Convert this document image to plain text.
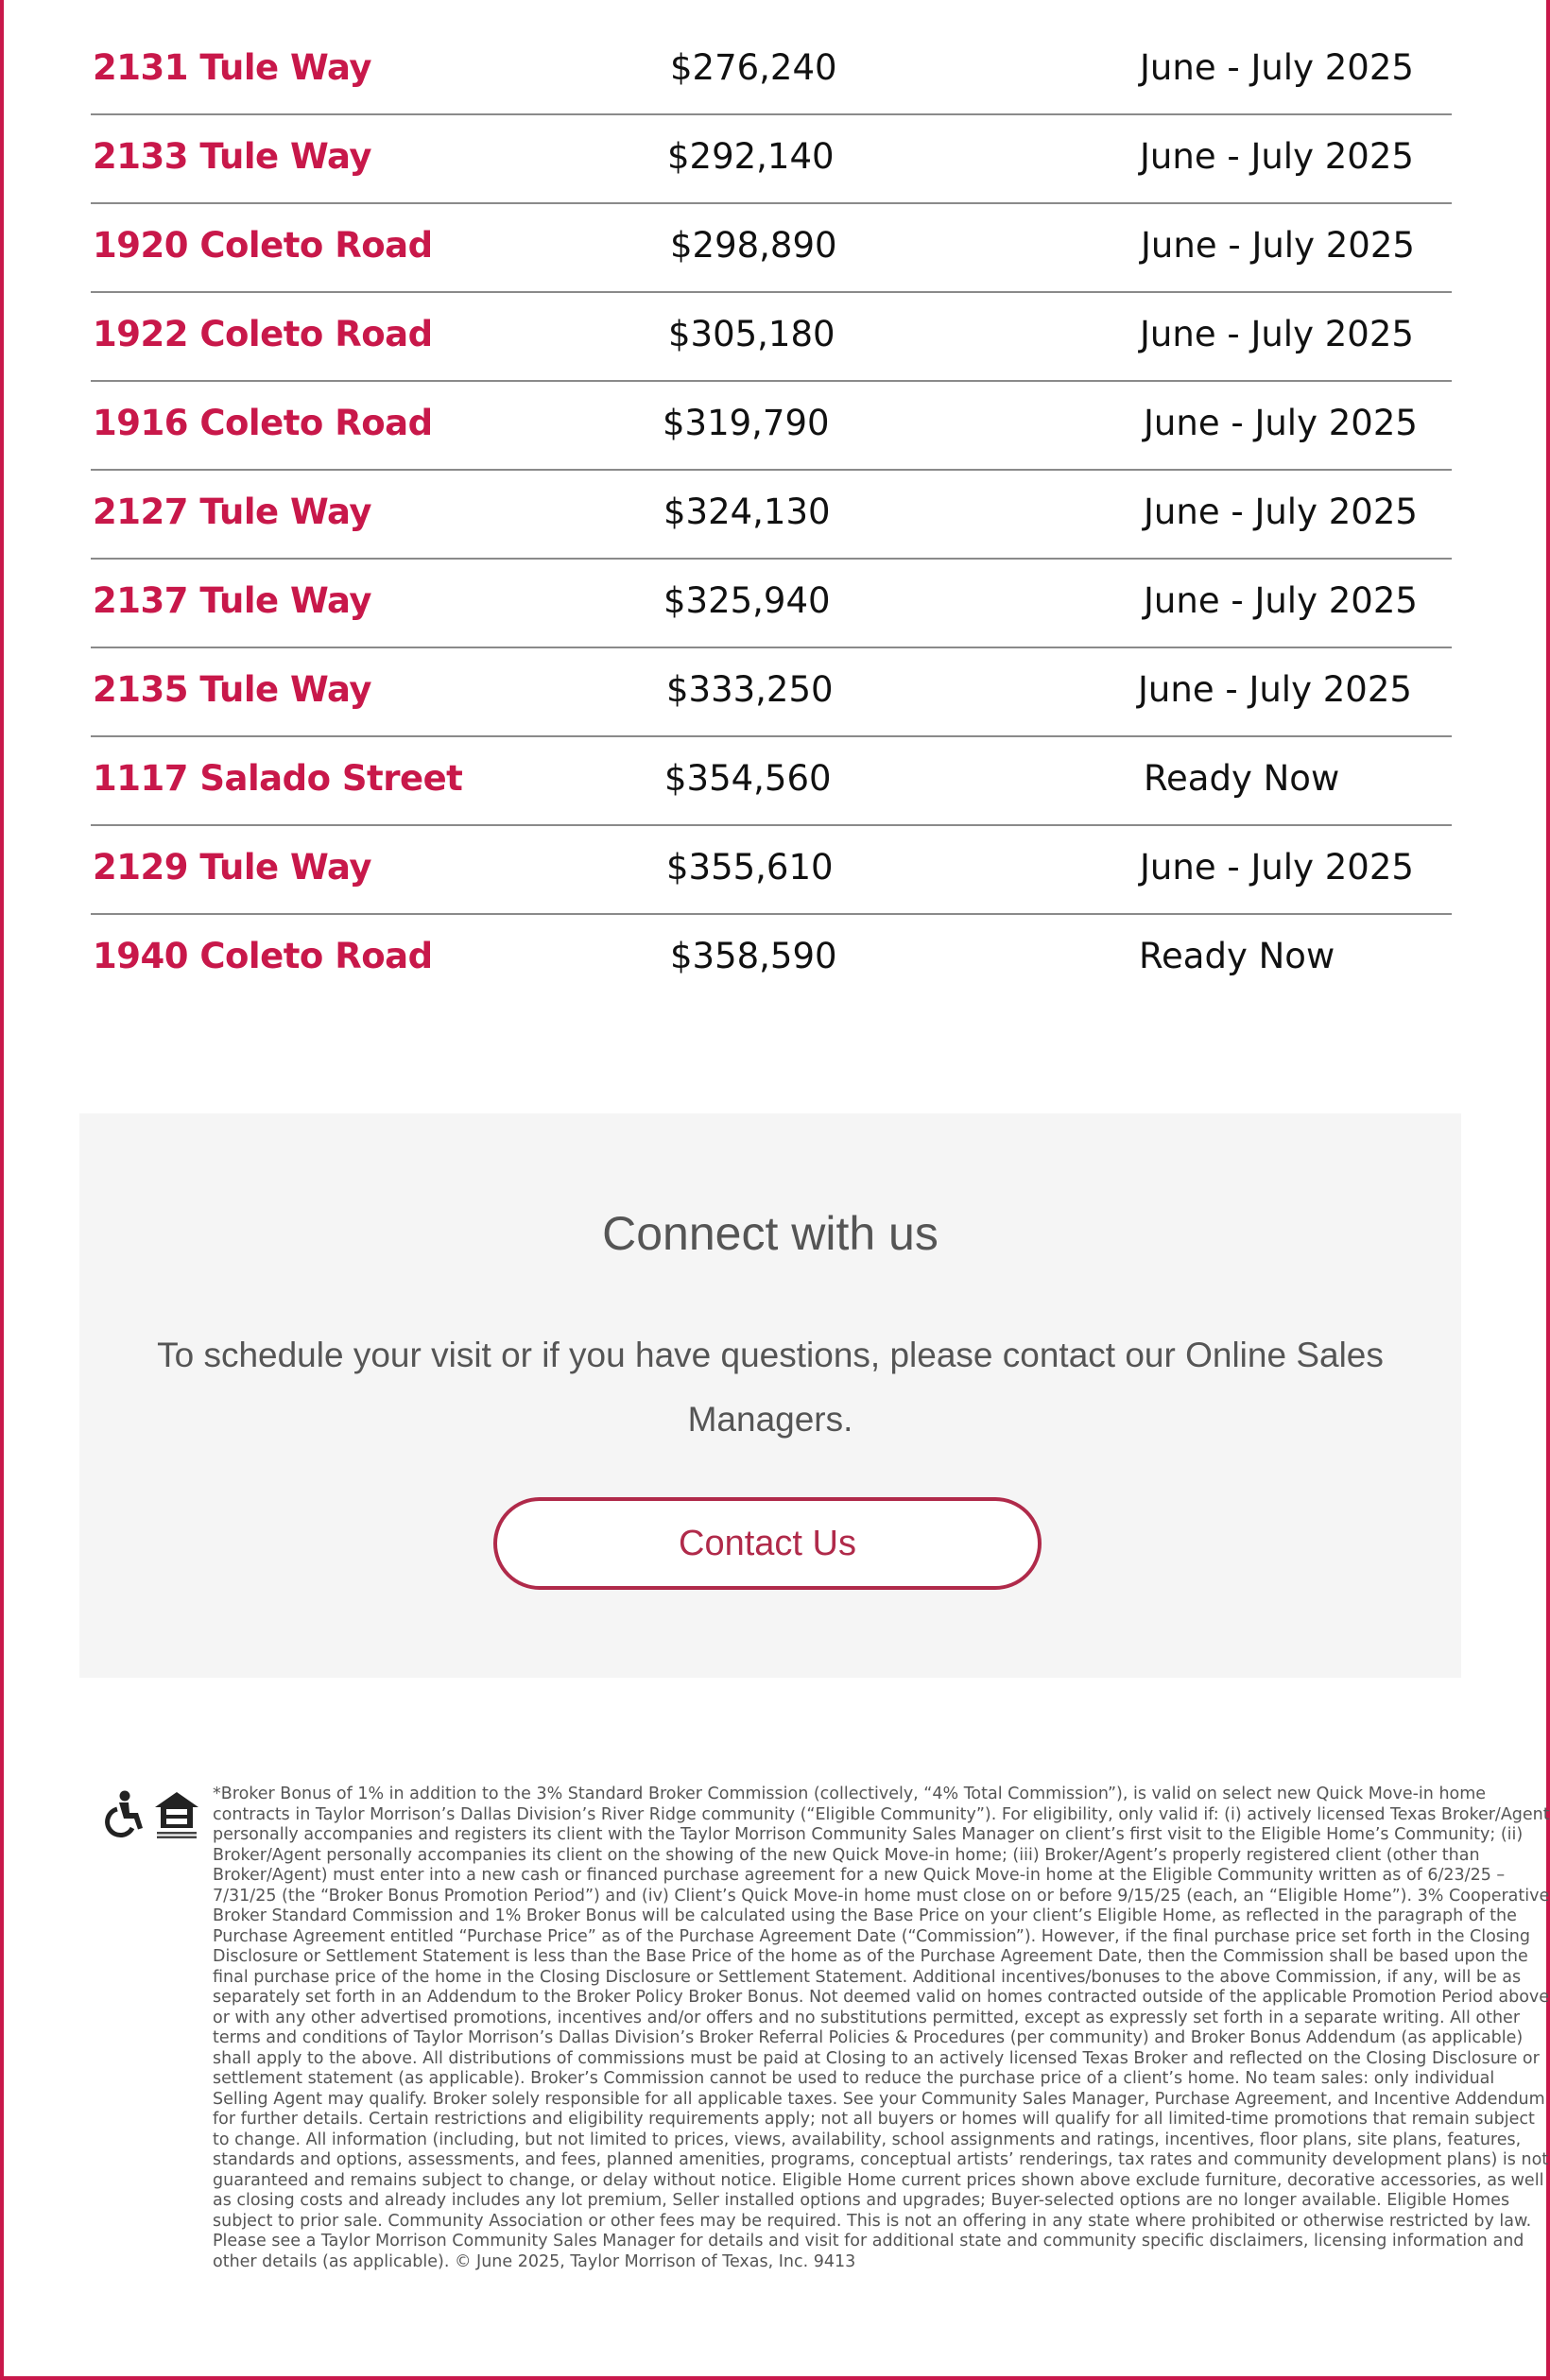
2131 Tule Way	$276,240	June - July 2025
2133 Tule Way	$292,140	June - July 2025
1920 Coleto Road	$298,890	June - July 2025
1922 Coleto Road	$305,180	June - July 2025
1916 Coleto Road	$319,790	June - July 2025
2127 Tule Way	$324,130	June - July 2025
2137 Tule Way	$325,940	June - July 2025
2135 Tule Way	$333,250	June - July 2025
1117 Salado Street	$354,560	Ready Now
2129 Tule Way	$355,610	June - July 2025
1940 Coleto Road	$358,590	Ready Now
Connect with us

To schedule your visit or if you have questions, please contact our Online Sales Managers.

Contact Us

*Broker Bonus of 1% in addition to the 3% Standard Broker Commission (collectively, “4% Total Commission”), is valid on select new Quick Move-in home contracts in Taylor Morrison’s Dallas Division’s River Ridge community (“Eligible Community”). For eligibility, only valid if: (i) actively licensed Texas Broker/Agent personally accompanies and registers its client with the Taylor Morrison Community Sales Manager on client’s first visit to the Eligible Home’s Community; (ii) Broker/Agent personally accompanies its client on the showing of the new Quick Move-in home; (iii) Broker/Agent’s properly registered client (other than Broker/Agent) must enter into a new cash or financed purchase agreement for a new Quick Move-in home at the Eligible Community written as of 6/23/25 – 7/31/25 (the “Broker Bonus Promotion Period”) and (iv) Client’s Quick Move-in home must close on or before 9/15/25 (each, an “Eligible Home”). 3% Cooperative Broker Standard Commission and 1% Broker Bonus will be calculated using the Base Price on your client’s Eligible Home, as reflected in the paragraph of the Purchase Agreement entitled “Purchase Price” as of the Purchase Agreement Date (“Commission”). However, if the final purchase price set forth in the Closing Disclosure or Settlement Statement is less than the Base Price of the home as of the Purchase Agreement Date, then the Commission shall be based upon the final purchase price of the home in the Closing Disclosure or Settlement Statement. Additional incentives/bonuses to the above Commission, if any, will be as separately set forth in an Addendum to the Broker Policy Broker Bonus. Not deemed valid on homes contracted outside of the applicable Promotion Period above or with any other advertised promotions, incentives and/or offers and no substitutions permitted, except as expressly set forth in a separate writing. All other terms and conditions of Taylor Morrison’s Dallas Division’s Broker Referral Policies & Procedures (per community) and Broker Bonus Addendum (as applicable) shall apply to the above. All distributions of commissions must be paid at Closing to an actively licensed Texas Broker and reflected on the Closing Disclosure or settlement statement (as applicable). Broker’s Commission cannot be used to reduce the purchase price of a client’s home. No team sales: only individual Selling Agent may qualify. Broker solely responsible for all applicable taxes. See your Community Sales Manager, Purchase Agreement, and Incentive Addendum for further details. Certain restrictions and eligibility requirements apply; not all buyers or homes will qualify for all limited-time promotions that remain subject to change. All information (including, but not limited to prices, views, availability, school assignments and ratings, incentives, floor plans, site plans, features, standards and options, assessments, and fees, planned amenities, programs, conceptual artists’ renderings, tax rates and community development plans) is not guaranteed and remains subject to change, or delay without notice. Eligible Home current prices shown above exclude furniture, decorative accessories, as well as closing costs and already includes any lot premium, Seller installed options and upgrades; Buyer-selected options are no longer available. Eligible Homes subject to prior sale. Community Association or other fees may be required. This is not an offering in any state where prohibited or otherwise restricted by law. Please see a Taylor Morrison Community Sales Manager for details and visit for additional state and community specific disclaimers, licensing information and other details (as applicable). © June 2025, Taylor Morrison of Texas, Inc. 9413
